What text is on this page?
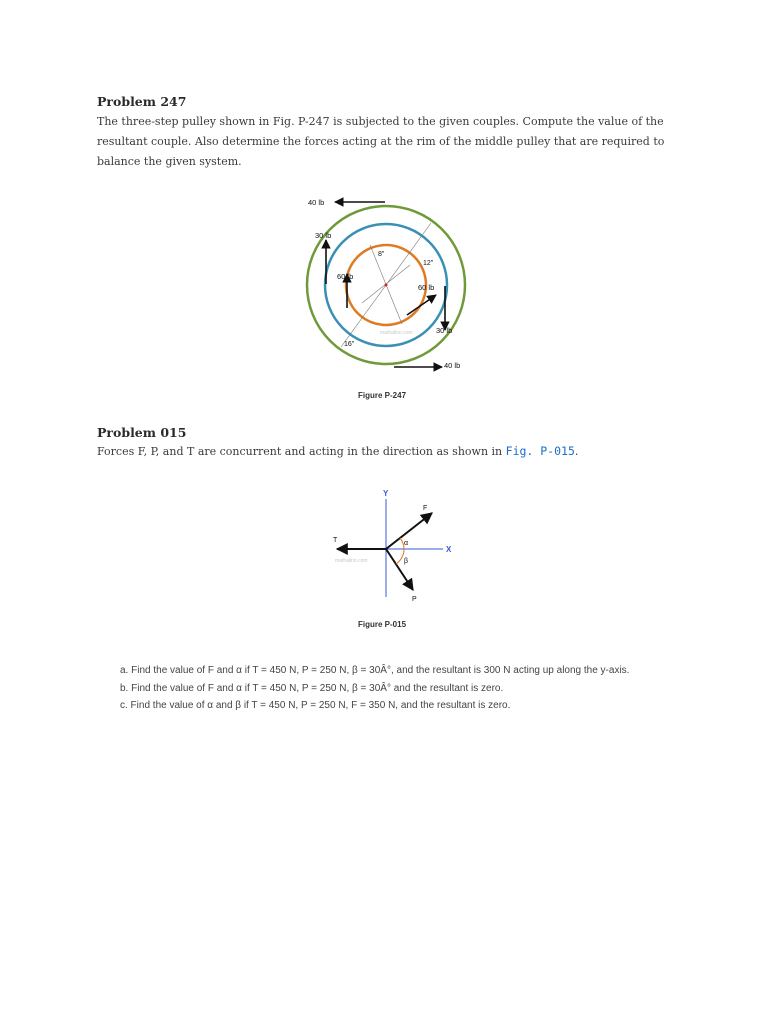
Problem 247

The three-step pulley shown in Fig. P-247 is subjected to the given couples. Compute the value of the resultant couple. Also determine the forces acting at the rim of the middle pulley that are required to balance the given system.

40 lb
30 lb
60 lb
60 lb
30 lb
40 lb
8"
12"
16"
mathalino.com
Figure P-247
Problem 015

Forces F, P, and T are concurrent and acting in the direction as shown in Fig. P-015.

Y
X
T
F
P
α
β
mathalino.com
Figure P-015
a. Find the value of F and α if T = 450 N, P = 250 N, β = 30Â°, and the resultant is 300 N acting up along the y-axis.
b. Find the value of F and α if T = 450 N, P = 250 N, β = 30Â° and the resultant is zero.
c. Find the value of α and β if T = 450 N, P = 250 N, F = 350 N, and the resultant is zero.
